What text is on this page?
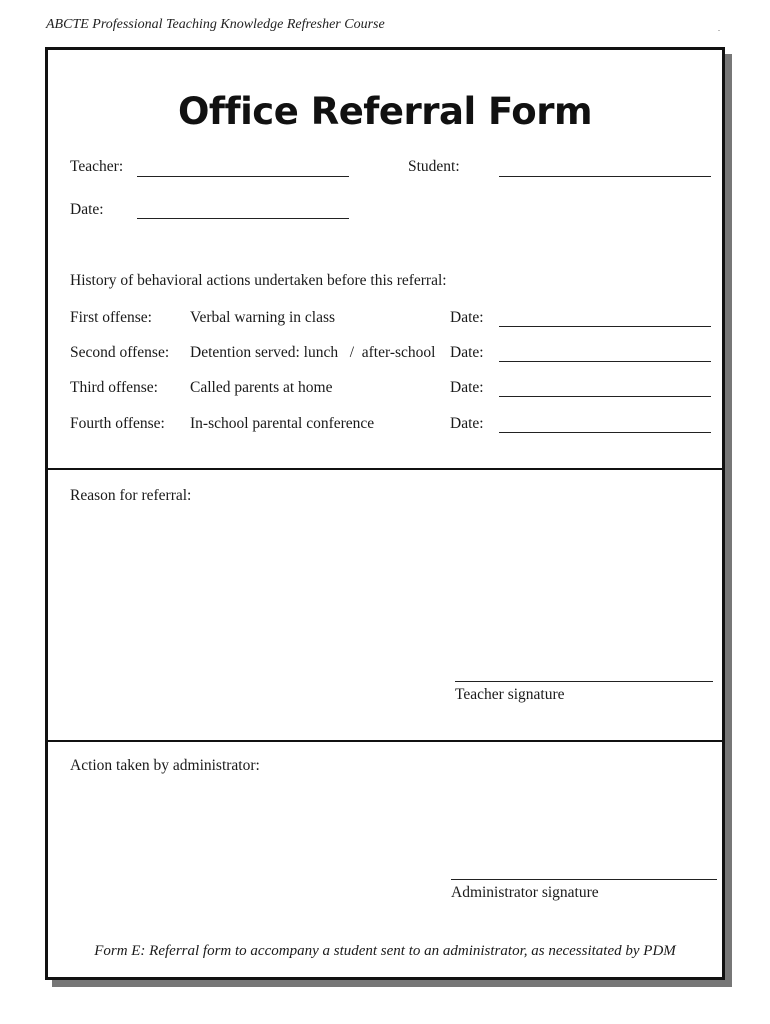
ABCTE Professional Teaching Knowledge Refresher Course	.
Office Referral Form
Teacher:	Student:
Date:
History of behavioral actions undertaken before this referral:
First offense: Verbal warning in class	Date:
Second offense: Detention served: lunch   /  after-school Date:
Third offense: Called parents at home	Date:
Fourth offense: In-school parental conference	Date:
Reason for referral:
Teacher signature
Action taken by administrator:
Administrator signature
Form E: Referral form to accompany a student sent to an administrator, as necessitated by PDM
